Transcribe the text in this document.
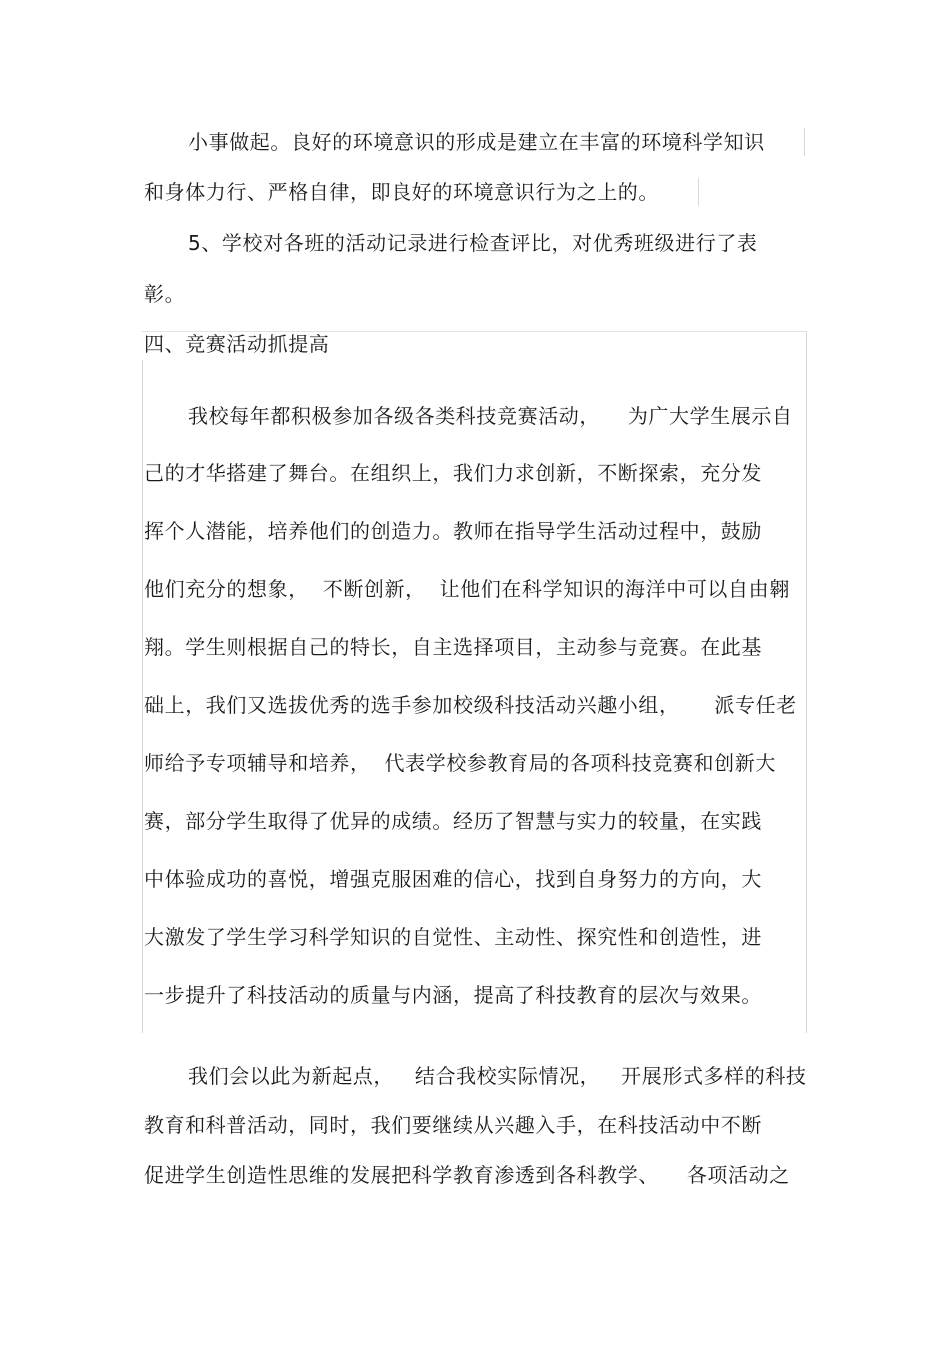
小事做起。良好的环境意识的形成是建立在丰富的环境科学知识
和身体力行、严格自律，即良好的环境意识行为之上的。
5、学校对各班的活动记录进行检查评比，对优秀班级进行了表
彰。
四、竞赛活动抓提高
我校每年都积极参加各级各类科技竞赛活动，    为广大学生展示自
己的才华搭建了舞台。在组织上，我们力求创新，不断探索，充分发
挥个人潜能，培养他们的创造力。教师在指导学生活动过程中，鼓励
他们充分的想象，  不断创新，  让他们在科学知识的海洋中可以自由翱
翔。学生则根据自己的特长，自主选择项目，主动参与竞赛。在此基
础上，我们又选拔优秀的选手参加校级科技活动兴趣小组，     派专任老
师给予专项辅导和培养，  代表学校参教育局的各项科技竞赛和创新大
赛，部分学生取得了优异的成绩。经历了智慧与实力的较量，在实践
中体验成功的喜悦，增强克服困难的信心，找到自身努力的方向，大
大激发了学生学习科学知识的自觉性、主动性、探究性和创造性，进
一步提升了科技活动的质量与内涵，提高了科技教育的层次与效果。
我们会以此为新起点，   结合我校实际情况，   开展形式多样的科技
教育和科普活动，同时，我们要继续从兴趣入手，在科技活动中不断
促进学生创造性思维的发展把科学教育渗透到各科教学、    各项活动之
